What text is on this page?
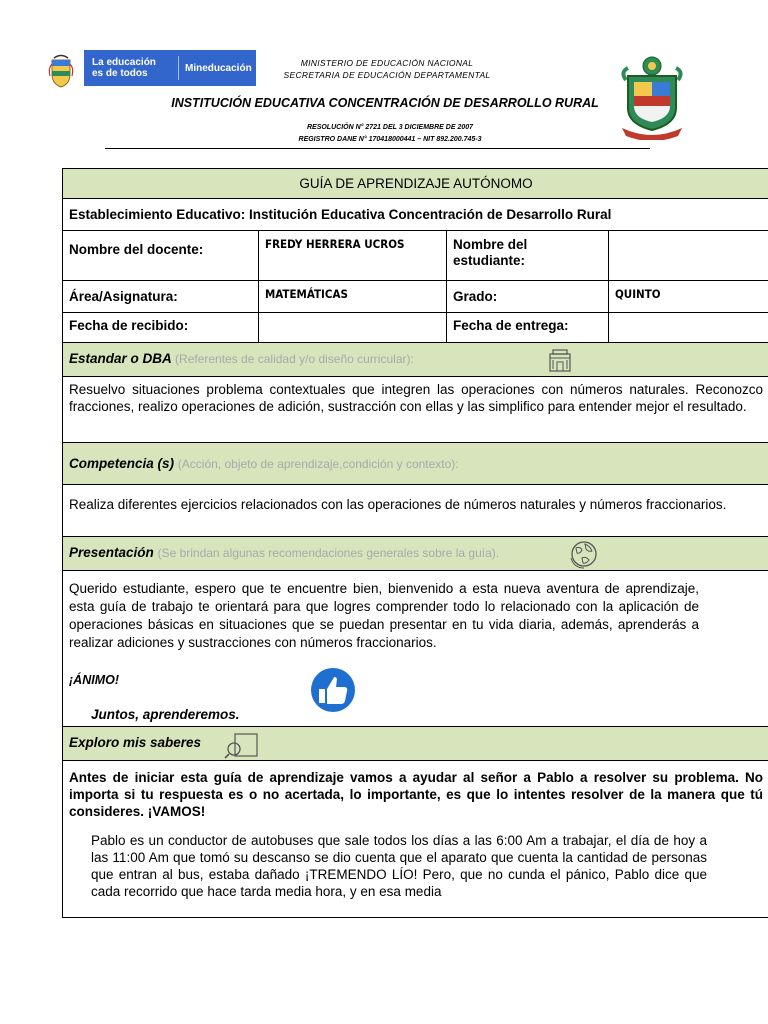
La educación
es de todos	Mineducación	MINISTERIO DE EDUCACIÓN NACIONAL
SECRETARIA DE EDUCACIÓN DEPARTAMENTAL
INSTITUCIÓN EDUCATIVA CONCENTRACIÓN DE DESARROLLO RURAL
RESOLUCIÓN N° 2721 DEL 3 DICIEMBRE DE 2007
REGISTRO DANE N° 170418000441 – NIT 892.200.745-3
GUÍA DE APRENDIZAJE AUTÓNOMO
Establecimiento Educativo: Institución Educativa Concentración de Desarrollo Rural
Nombre del docente:	FREDY HERRERA UCROS	Nombre del estudiante:
Área/Asignatura:	MATEMÁTICAS	Grado:	QUINTO
Fecha de recibido:	Fecha de entrega:
Estandar o DBA (Referentes de calidad y/o diseño curricular):
Resuelvo situaciones problema contextuales que integren las operaciones con números naturales. Reconozco fracciones, realizo operaciones de adición, sustracción con ellas y las simplifico para entender mejor el resultado.
Competencia (s) (Acción, objeto de aprendizaje,condición y contexto):
Realiza diferentes ejercicios relacionados con las operaciones de números naturales y números fraccionarios.
Presentación (Se brindan algunas recomendaciones generales sobre la guía).
Querido estudiante, espero que te encuentre bien, bienvenido a esta nueva aventura de aprendizaje, esta guía de trabajo te orientará para que logres comprender todo lo relacionado con la aplicación de operaciones básicas en situaciones que se puedan presentar en tu vida diaria, además, aprenderás a realizar adiciones y sustracciones con números fraccionarios.
¡ÁNIMO!
Juntos, aprenderemos.
Exploro mis saberes
Antes de iniciar esta guía de aprendizaje vamos a ayudar al señor a Pablo a resolver su problema. No importa si tu respuesta es o no acertada, lo importante, es que lo intentes resolver de la manera que tú consideres. ¡VAMOS!
Pablo es un conductor de autobuses que sale todos los días a las 6:00 Am a trabajar, el día de hoy a las 11:00 Am que tomó su descanso se dio cuenta que el aparato que cuenta la cantidad de personas que entran al bus, estaba dañado ¡TREMENDO LÍO! Pero, que no cunda el pánico, Pablo dice que cada recorrido que hace tarda media hora, y en esa media
